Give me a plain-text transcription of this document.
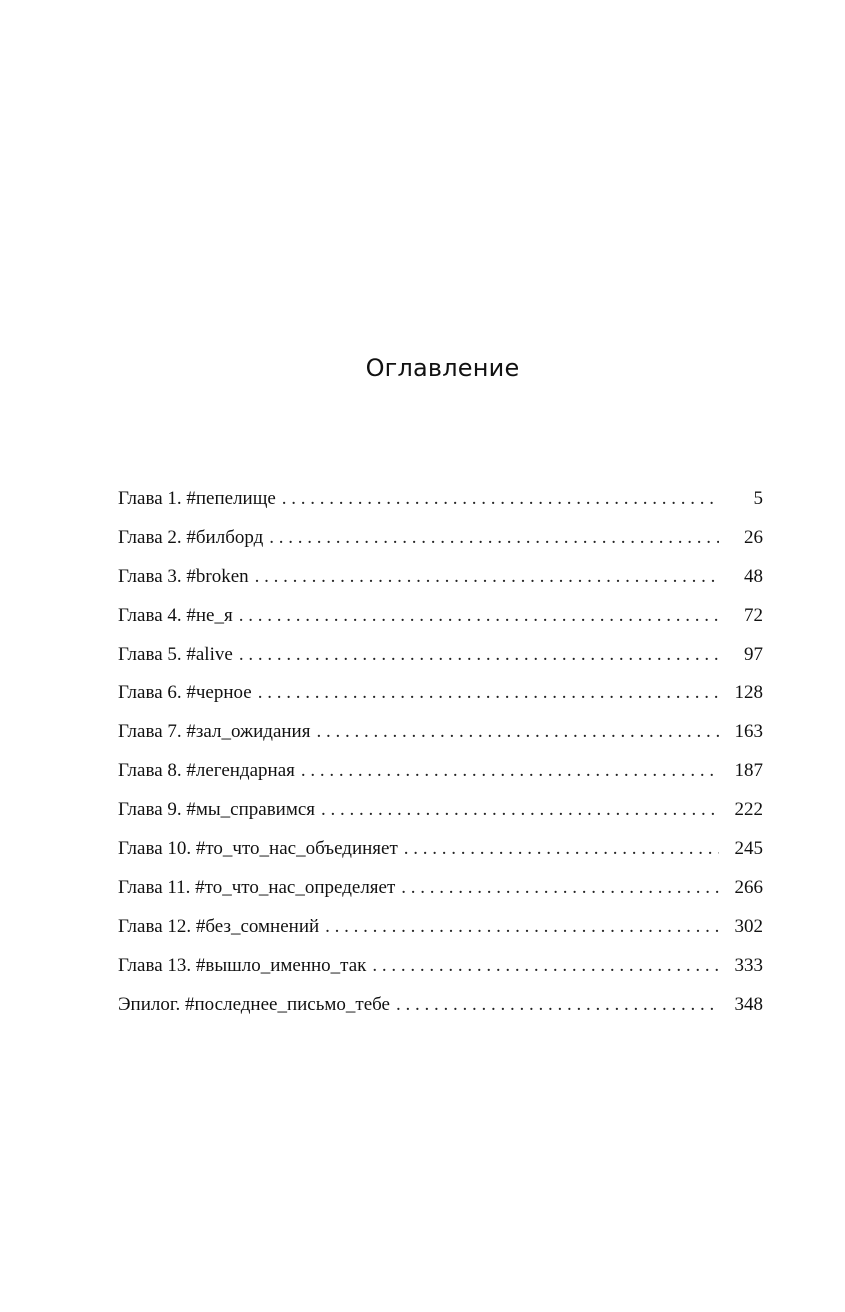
Оглавление
Глава 1. #пепелище . . .	5
Глава 2. #билборд . . .	26
Глава 3. #broken . . .	48
Глава 4. #не_я . . .	72
Глава 5. #alive . . .	97
Глава 6. #черное . . .	128
Глава 7. #зал_ожидания . . .	163
Глава 8. #легендарная . . .	187
Глава 9. #мы_справимся . . .	222
Глава 10. #то_что_нас_объединяет . . .	245
Глава 11. #то_что_нас_определяет . . .	266
Глава 12. #без_сомнений . . .	302
Глава 13. #вышло_именно_так . . .	333
Эпилог. #последнее_письмо_тебе . . .	348
